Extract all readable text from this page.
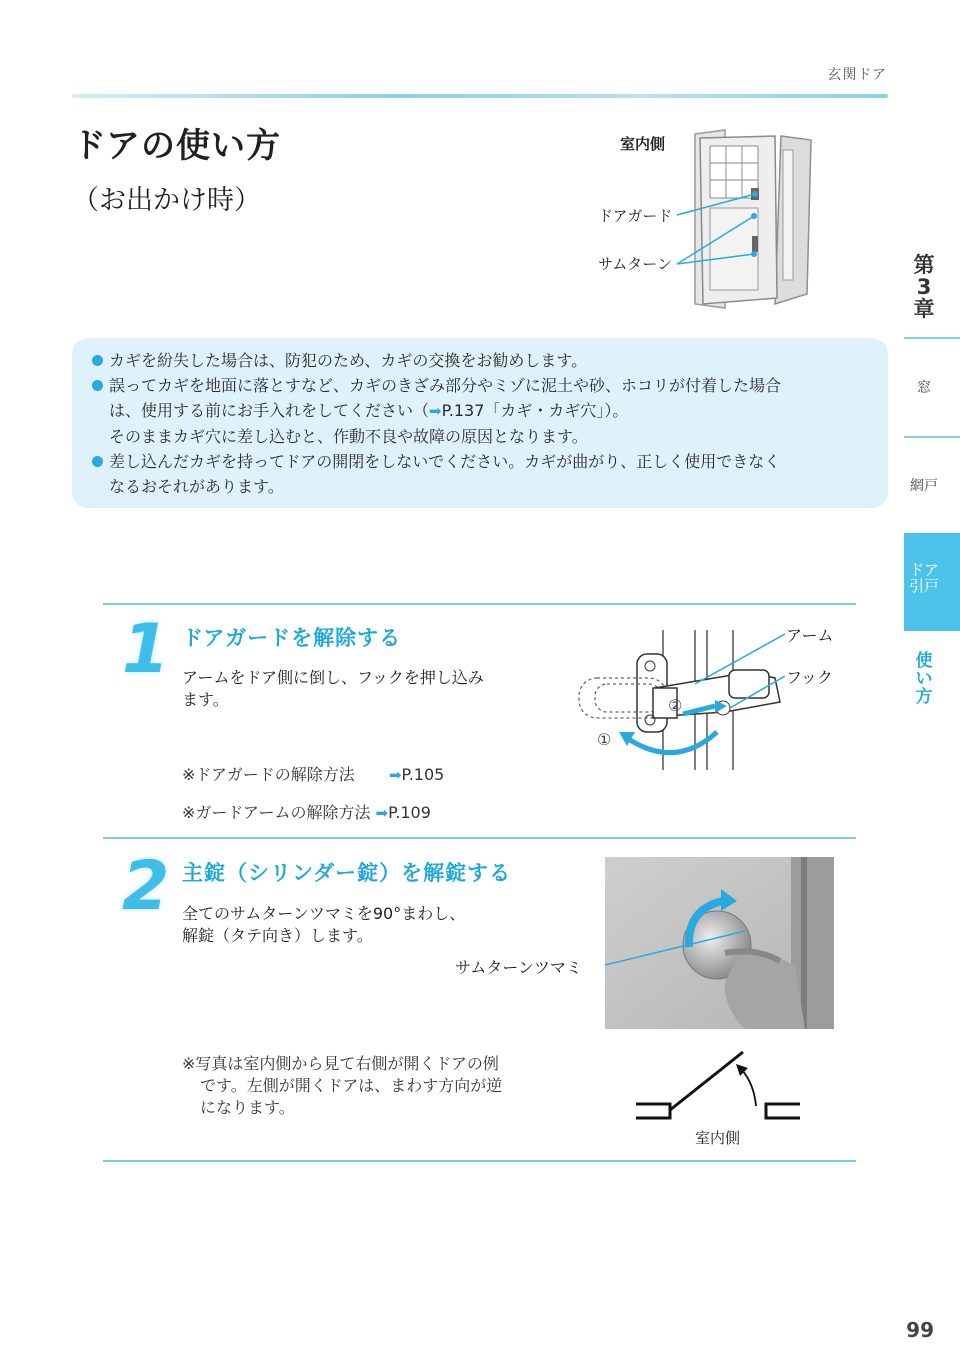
玄関ドア
ドアの使い方
（お出かけ時）
室内側
ドアガード
サムターン	第
3
章
窓
網戸
ドア
引戸
使
い
方
カギを紛失した場合は、防犯のため、カギの交換をお勧めします。
誤ってカギを地面に落とすなど、カギのきざみ部分やミゾに泥土や砂、ホコリが付着した場合
は、使用する前にお手入れをしてください（➡P.137「カギ・カギ穴」）。
そのままカギ穴に差し込むと、作動不良や故障の原因となります。
差し込んだカギを持ってドアの開閉をしないでください。カギが曲がり、正しく使用できなく
なるおそれがあります。
1 ドアガードを解除する
アームをドア側に倒し、フックを押し込み
ます。
※ドアガードの解除方法 ➡P.105
※ガードアームの解除方法 ➡P.109
アーム
フック
①
②
2 主錠（シリンダー錠）を解錠する
全てのサムターンツマミを90°まわし、
解錠（タテ向き）します。
サムターンツマミ
※写真は室内側から見て右側が開くドアの例
です。左側が開くドアは、まわす方向が逆
になります。
室内側
99
